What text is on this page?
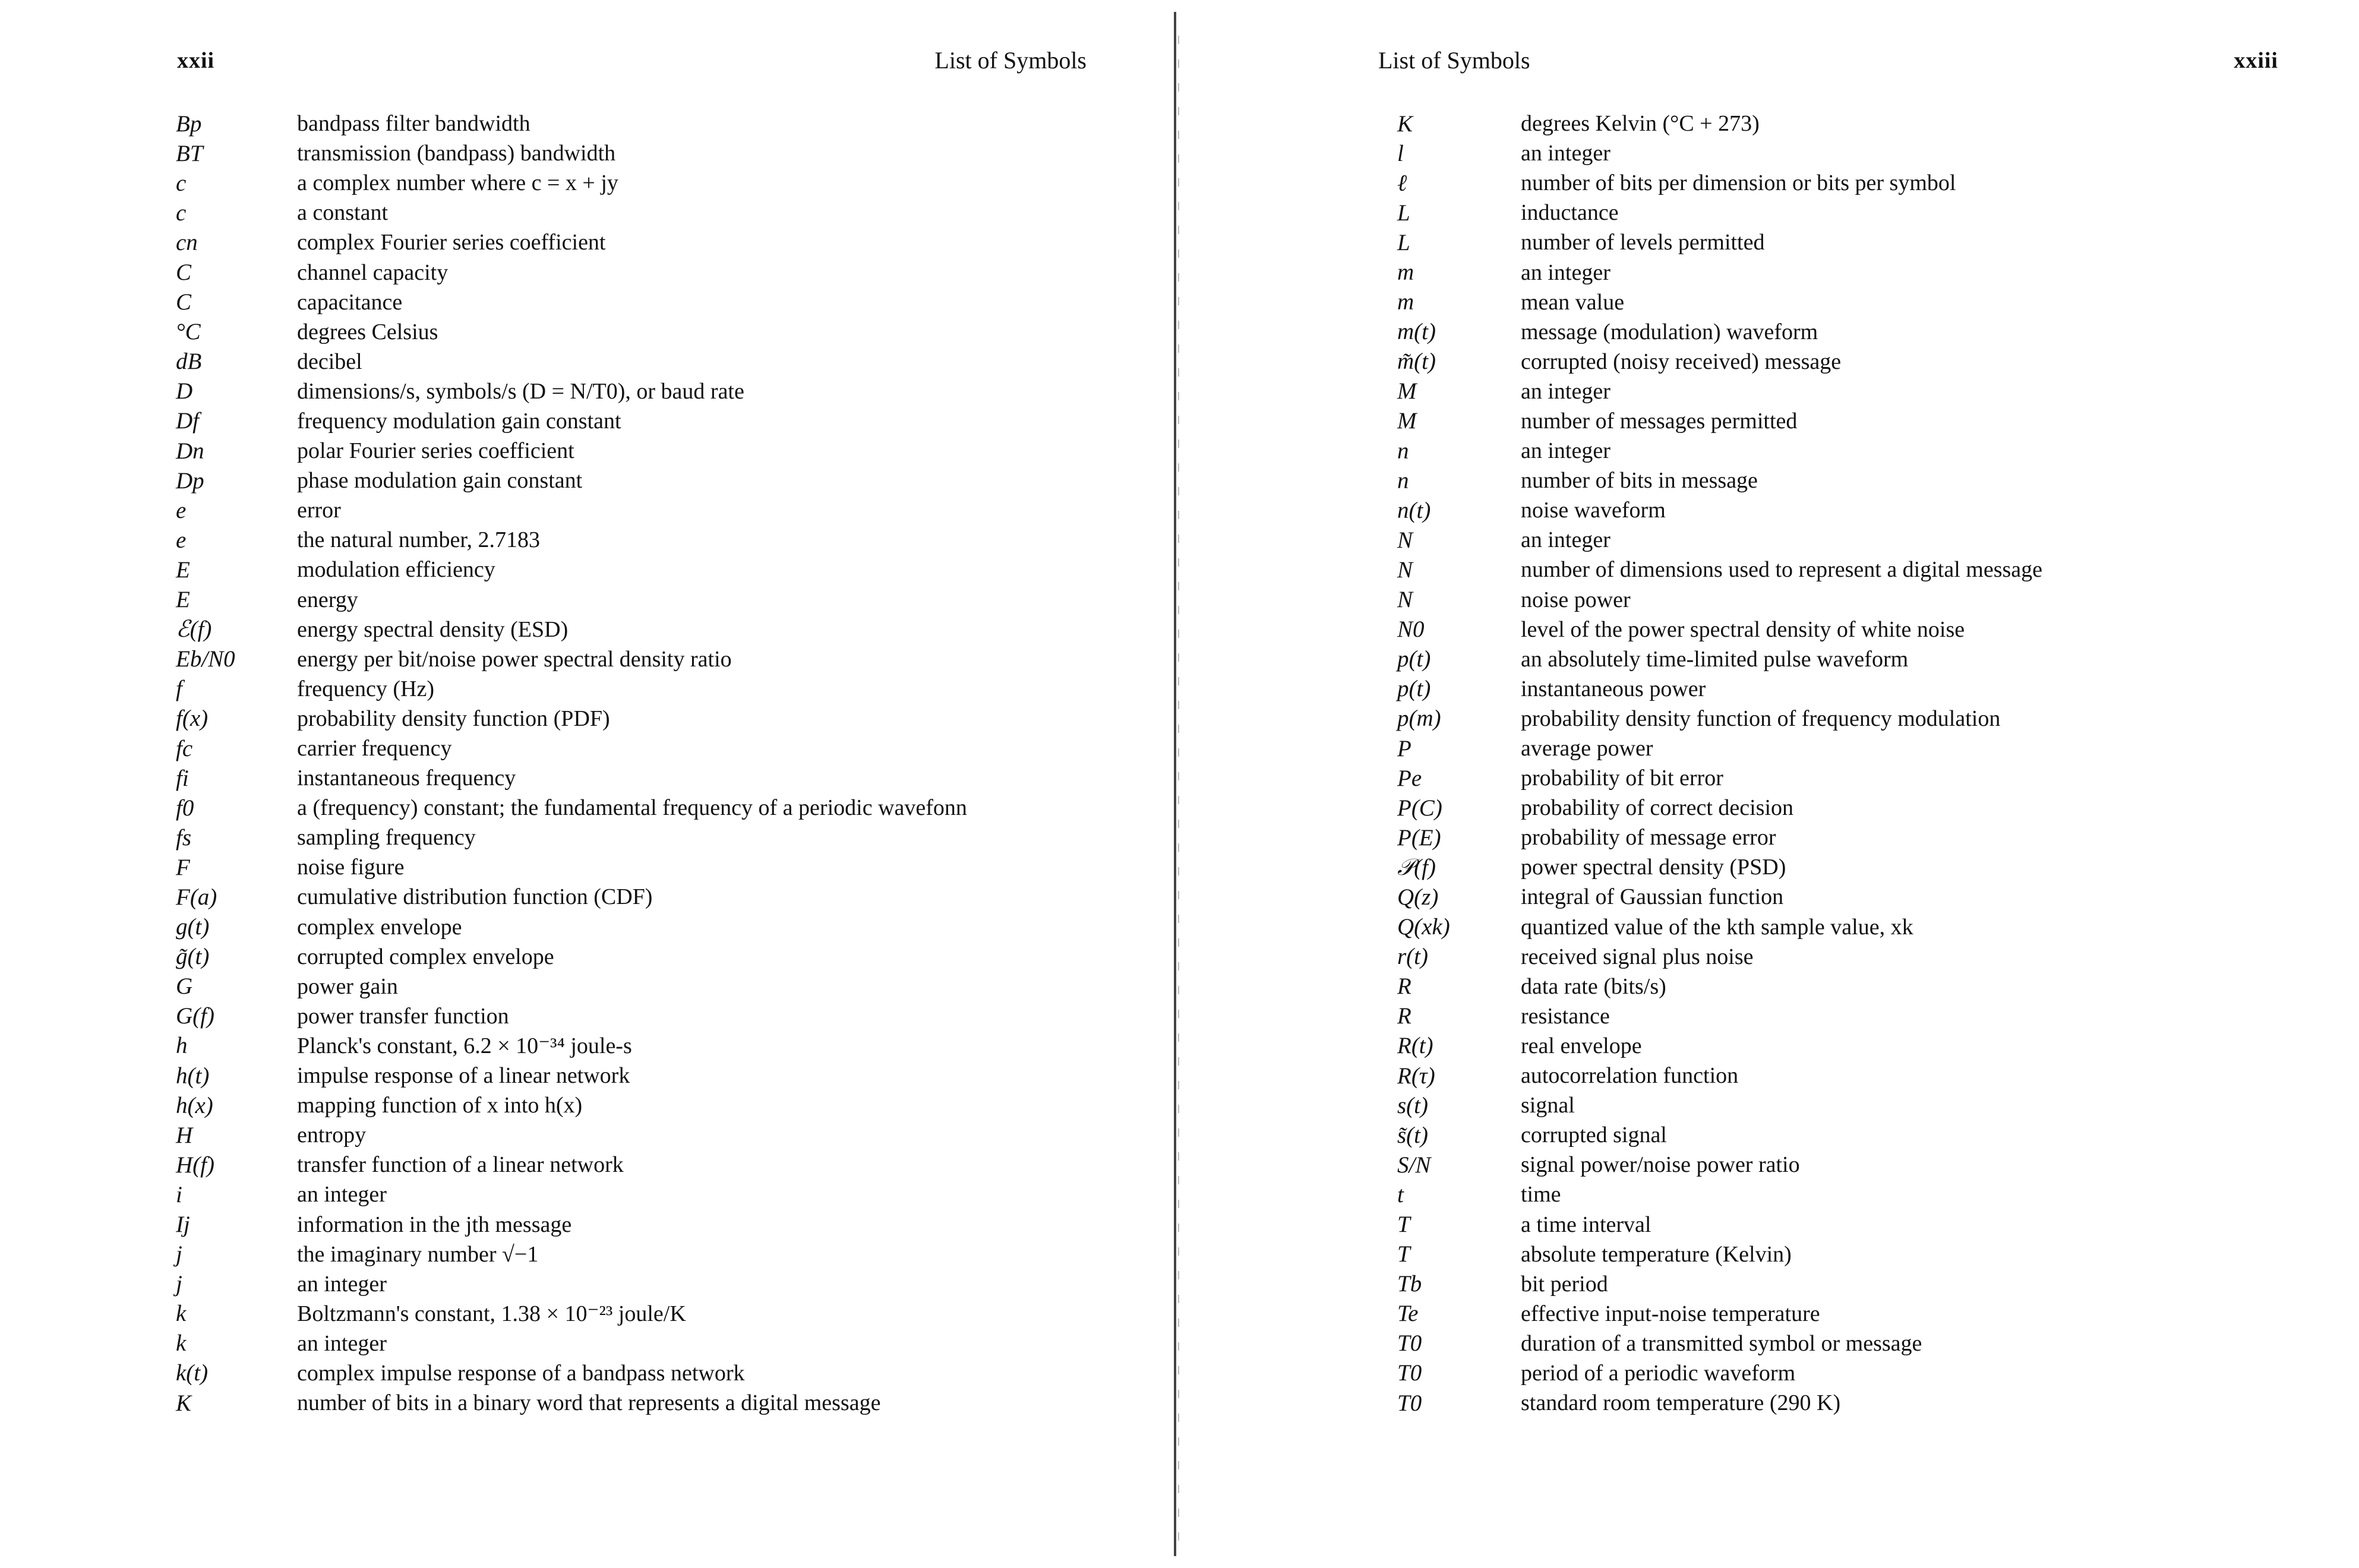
xxii	List of Symbols
Bp	bandpass filter bandwidth
BT	transmission (bandpass) bandwidth
c	a complex number where c = x + jy
c	a constant
cn	complex Fourier series coefficient
C	channel capacity
C	capacitance
°C	degrees Celsius
dB	decibel
D	dimensions/s, symbols/s (D = N/T0), or baud rate
Df	frequency modulation gain constant
Dn	polar Fourier series coefficient
Dp	phase modulation gain constant
e	error
e	the natural number, 2.7183
E	modulation efficiency
E	energy
ℰ(f)	energy spectral density (ESD)
Eb/N0	energy per bit/noise power spectral density ratio
f	frequency (Hz)
f(x)	probability density function (PDF)
fc	carrier frequency
fi	instantaneous frequency
f0	a (frequency) constant; the fundamental frequency of a periodic wavefonn
fs	sampling frequency
F	noise figure
F(a)	cumulative distribution function (CDF)
g(t)	complex envelope
g̃(t)	corrupted complex envelope
G	power gain
G(f)	power transfer function
h	Planck's constant, 6.2 × 10⁻³⁴ joule-s
h(t)	impulse response of a linear network
h(x)	mapping function of x into h(x)
H	entropy
H(f)	transfer function of a linear network
i	an integer
Ij	information in the jth message
j	the imaginary number √−1
j	an integer
k	Boltzmann's constant, 1.38 × 10⁻²³ joule/K
k	an integer
k(t)	complex impulse response of a bandpass network
K	number of bits in a binary word that represents a digital message
List of Symbols	xxiii
K	degrees Kelvin (°C + 273)
l	an integer
ℓ	number of bits per dimension or bits per symbol
L	inductance
L	number of levels permitted
m	an integer
m	mean value
m(t)	message (modulation) waveform
m̃(t)	corrupted (noisy received) message
M	an integer
M	number of messages permitted
n	an integer
n	number of bits in message
n(t)	noise waveform
N	an integer
N	number of dimensions used to represent a digital message
N	noise power
N0	level of the power spectral density of white noise
p(t)	an absolutely time-limited pulse waveform
p(t)	instantaneous power
p(m)	probability density function of frequency modulation
P	average power
Pe	probability of bit error
P(C)	probability of correct decision
P(E)	probability of message error
𝒫(f)	power spectral density (PSD)
Q(z)	integral of Gaussian function
Q(xk)	quantized value of the kth sample value, xk
r(t)	received signal plus noise
R	data rate (bits/s)
R	resistance
R(t)	real envelope
R(τ)	autocorrelation function
s(t)	signal
s̃(t)	corrupted signal
S/N	signal power/noise power ratio
t	time
T	a time interval
T	absolute temperature (Kelvin)
Tb	bit period
Te	effective input-noise temperature
T0	duration of a transmitted symbol or message
T0	period of a periodic waveform
T0	standard room temperature (290 K)
